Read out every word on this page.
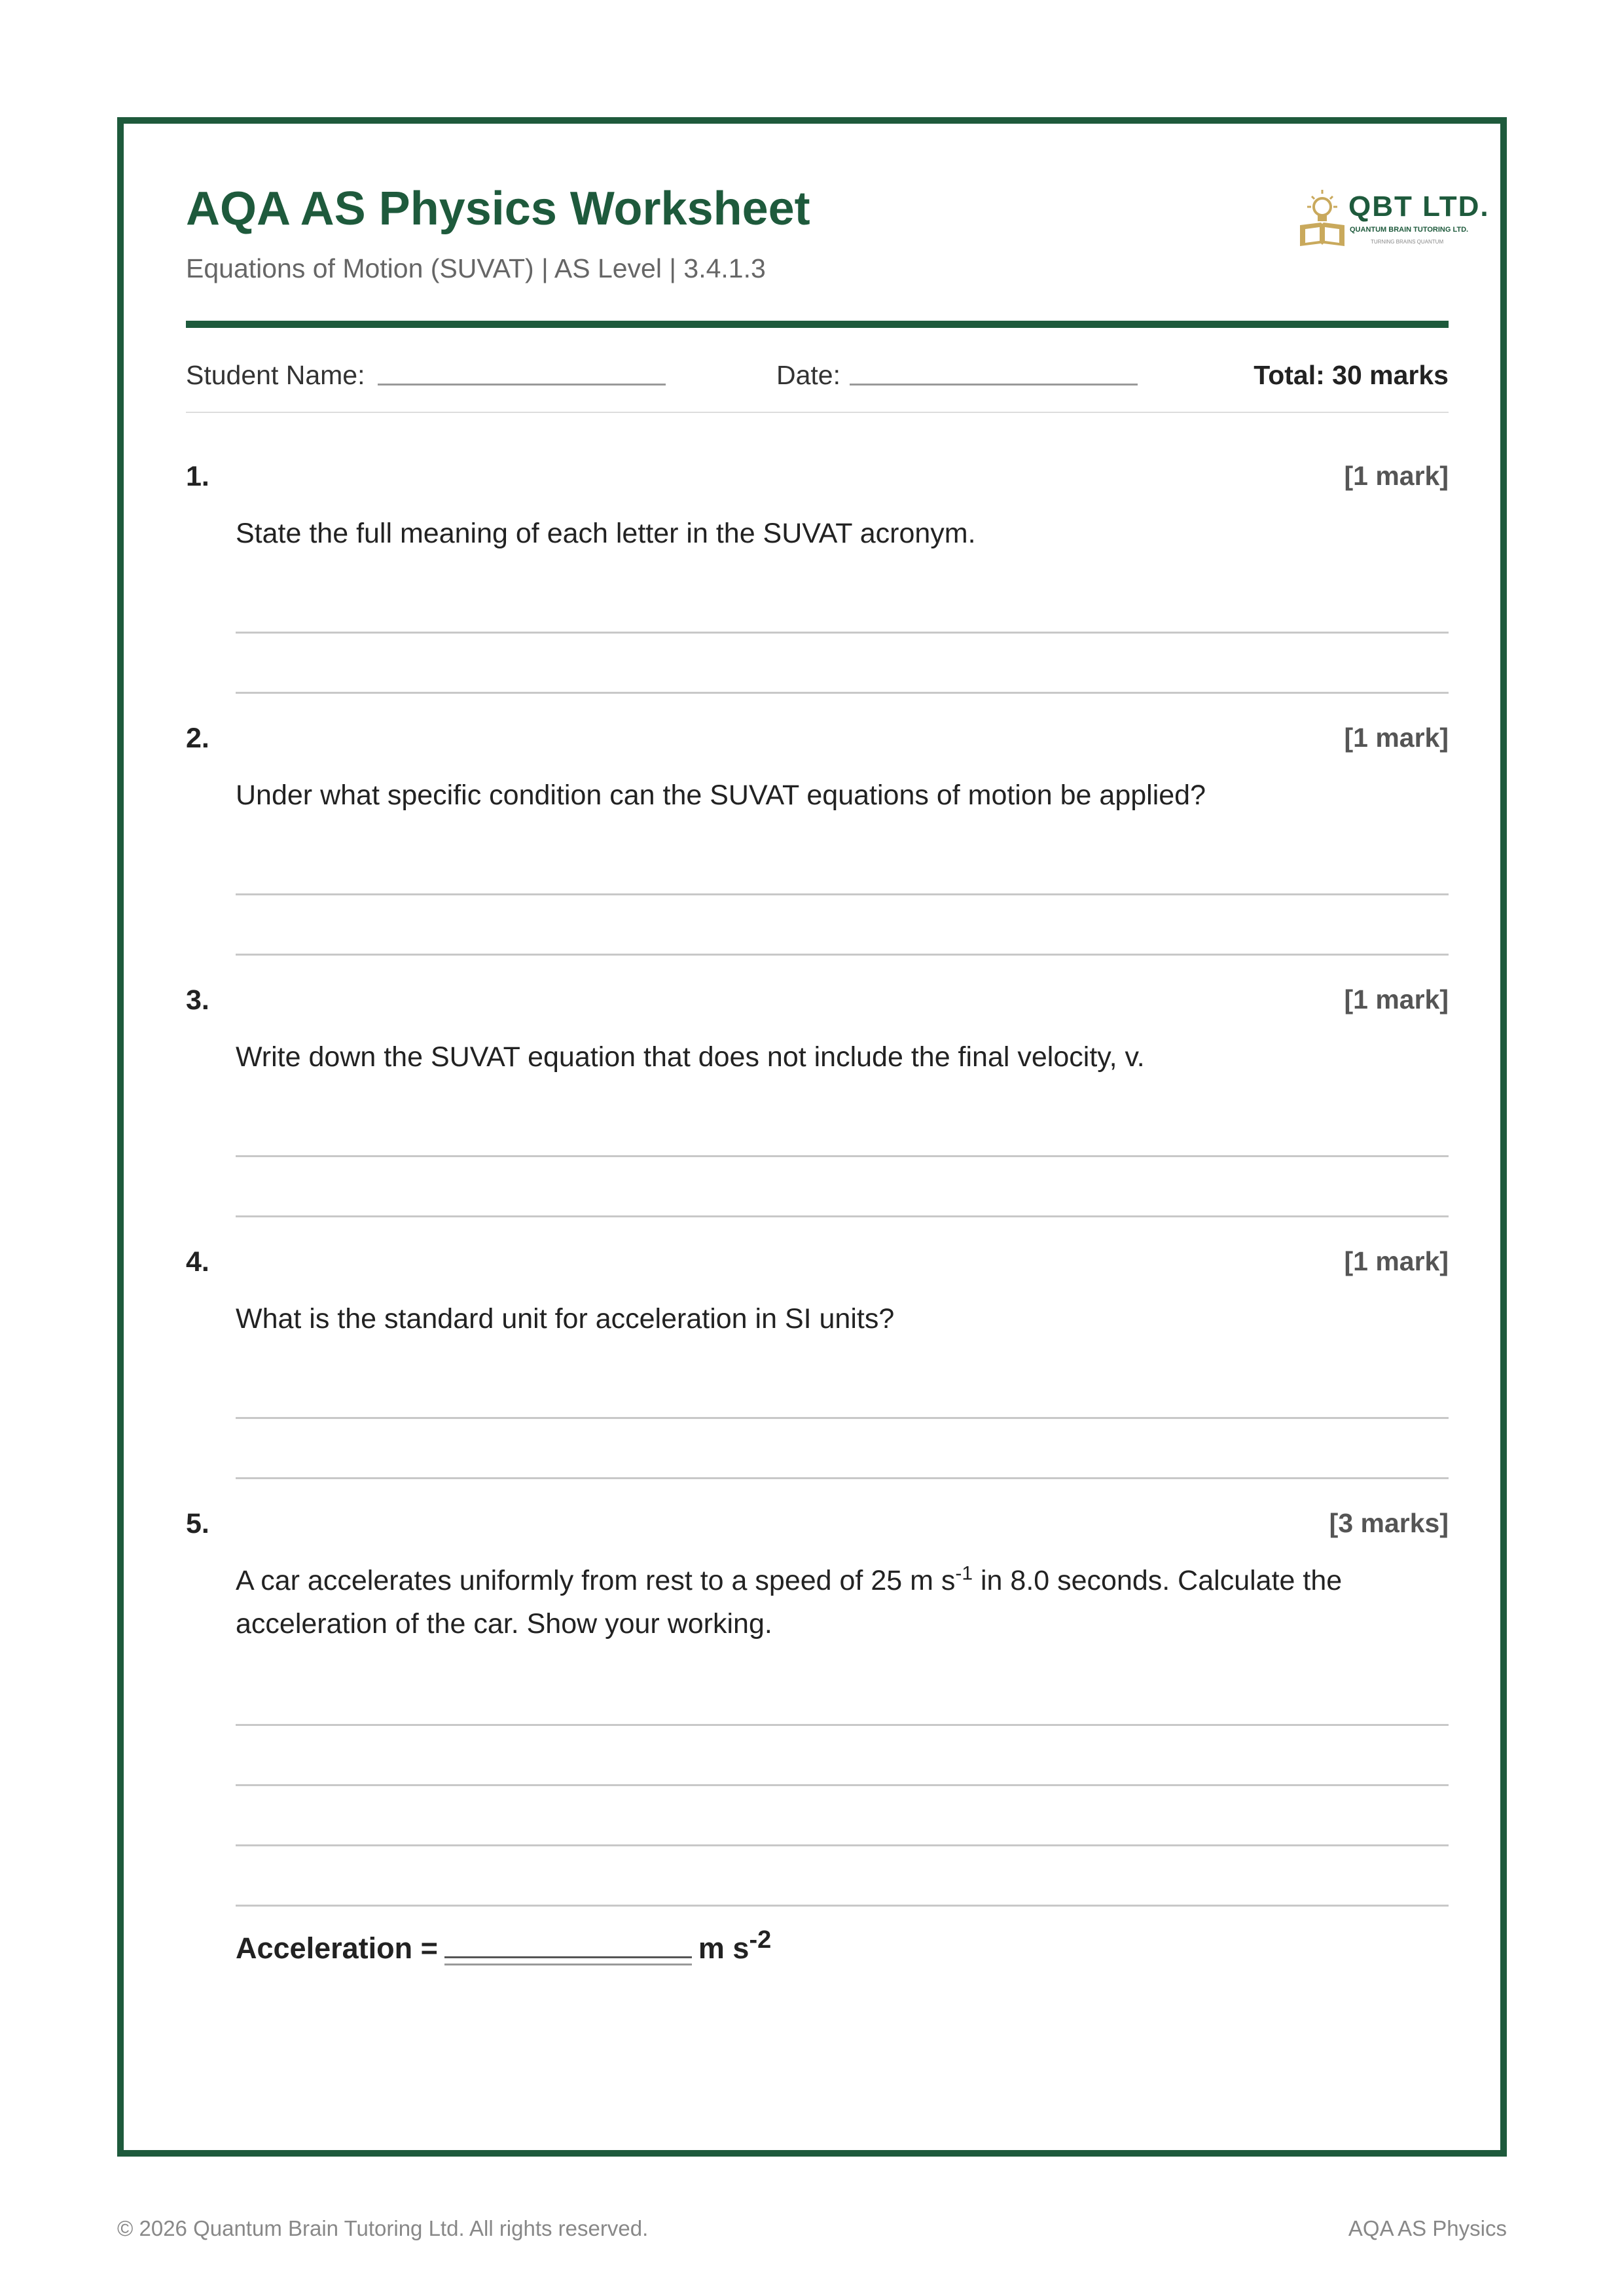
AQA AS Physics Worksheet
Equations of Motion (SUVAT) | AS Level | 3.4.1.3
QBT LTD.
QUANTUM BRAIN TUTORING LTD.
TURNING BRAINS QUANTUM
Student Name:	Date:	Total: 30 marks
1.	[1 mark]
State the full meaning of each letter in the SUVAT acronym.
2.	[1 mark]
Under what specific condition can the SUVAT equations of motion be applied?
3.	[1 mark]
Write down the SUVAT equation that does not include the final velocity, v.
4.	[1 mark]
What is the standard unit for acceleration in SI units?
5.	[3 marks]
A car accelerates uniformly from rest to a speed of 25 m $s^{-1}$ in 8.0 seconds. Calculate the acceleration of the car. Show your working.
Acceleration =	m $s^{-2}$
© 2026 Quantum Brain Tutoring Ltd. All rights reserved.	AQA AS Physics
